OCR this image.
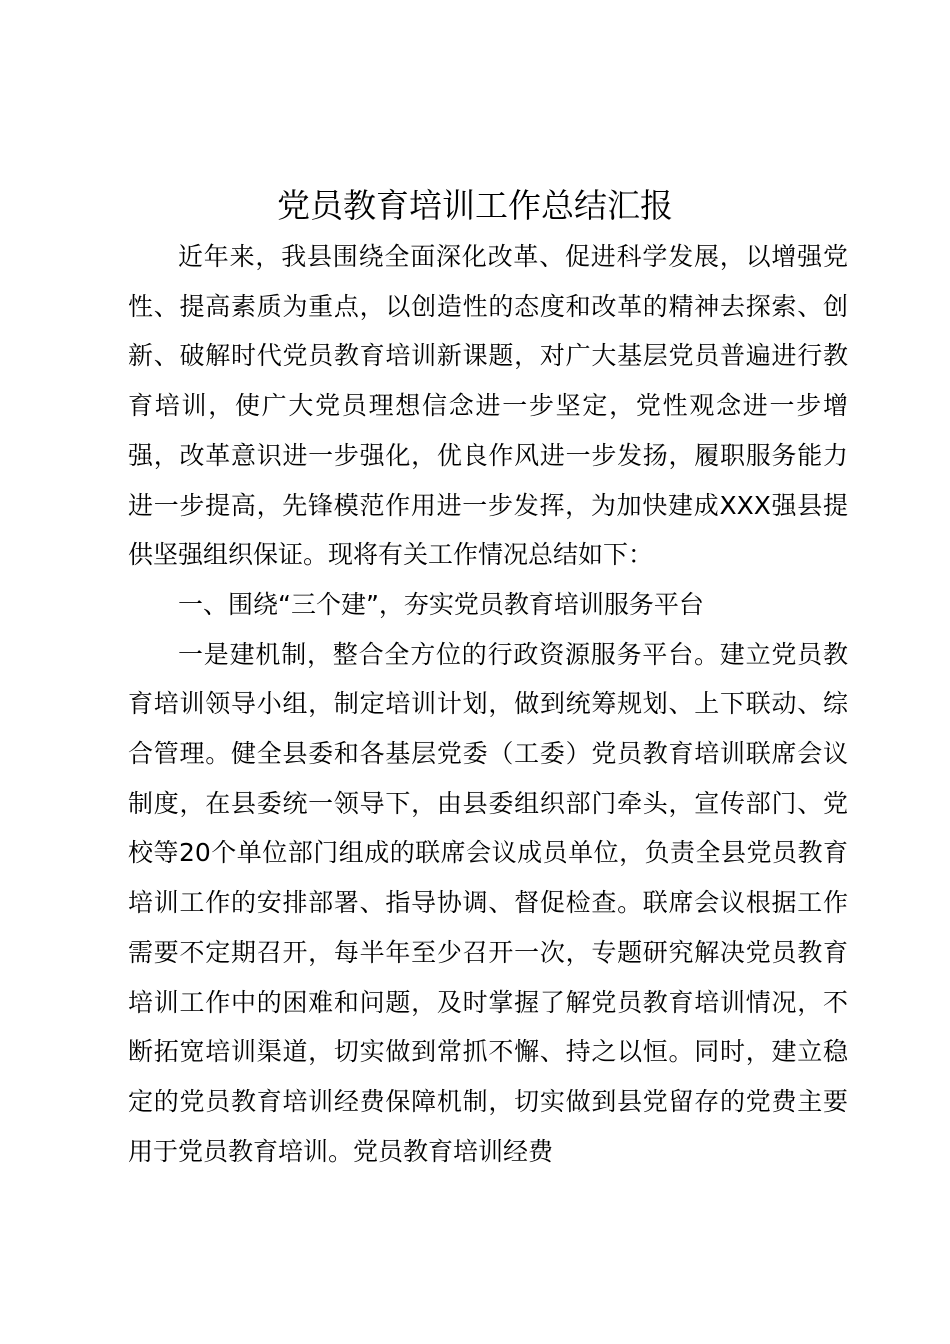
党员教育培训工作总结汇报

近年来，我县围绕全面深化改革、促进科学发展，以增强党性、提高素质为重点，以创造性的态度和改革的精神去探索、创新、破解时代党员教育培训新课题，对广大基层党员普遍进行教育培训，使广大党员理想信念进一步坚定，党性观念进一步增强，改革意识进一步强化，优良作风进一步发扬，履职服务能力进一步提高，先锋模范作用进一步发挥，为加快建成XXX强县提供坚强组织保证。现将有关工作情况总结如下：

一、围绕“三个建”，夯实党员教育培训服务平台

一是建机制，整合全方位的行政资源服务平台。建立党员教育培训领导小组，制定培训计划，做到统筹规划、上下联动、综合管理。健全县委和各基层党委（工委）党员教育培训联席会议制度，在县委统一领导下，由县委组织部门牵头，宣传部门、党校等20个单位部门组成的联席会议成员单位，负责全县党员教育培训工作的安排部署、指导协调、督促检查。联席会议根据工作需要不定期召开，每半年至少召开一次，专题研究解决党员教育培训工作中的困难和问题，及时掌握了解党员教育培训情况，不断拓宽培训渠道，切实做到常抓不懈、持之以恒。同时，建立稳定的党员教育培训经费保障机制，切实做到县党留存的党费主要用于党员教育培训。党员教育培训经费
